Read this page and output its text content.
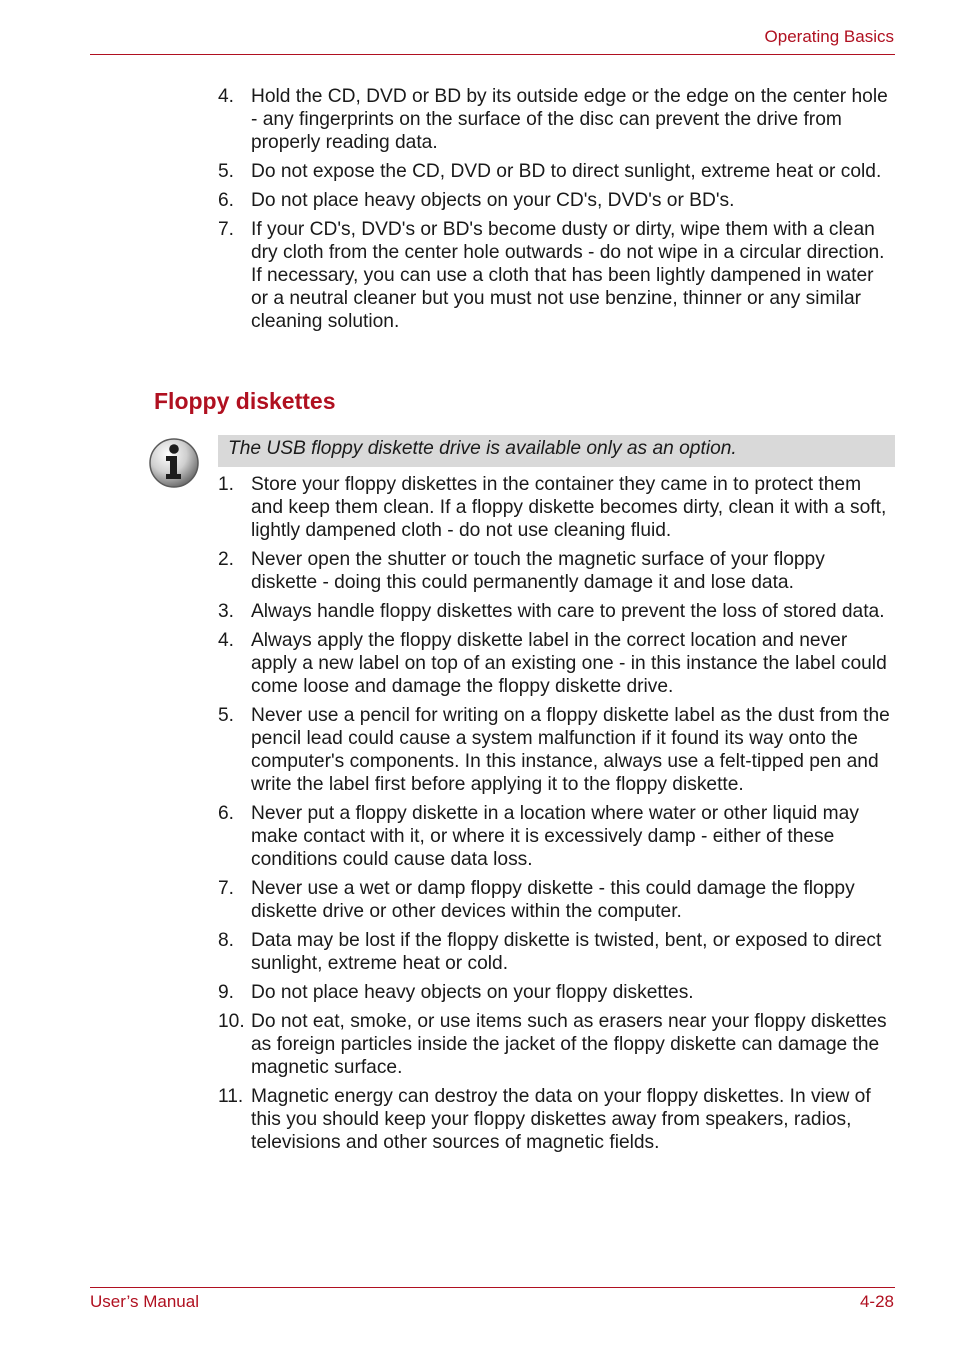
Operating Basics
4. Hold the CD, DVD or BD by its outside edge or the edge on the center hole - any fingerprints on the surface of the disc can prevent the drive from properly reading data.
5. Do not expose the CD, DVD or BD to direct sunlight, extreme heat or cold.
6. Do not place heavy objects on your CD's, DVD's or BD's.
7. If your CD's, DVD's or BD's become dusty or dirty, wipe them with a clean dry cloth from the center hole outwards - do not wipe in a circular direction. If necessary, you can use a cloth that has been lightly dampened in water or a neutral cleaner but you must not use benzine, thinner or any similar cleaning solution.
Floppy diskettes
The USB floppy diskette drive is available only as an option.
1. Store your floppy diskettes in the container they came in to protect them and keep them clean. If a floppy diskette becomes dirty, clean it with a soft, lightly dampened cloth - do not use cleaning fluid.
2. Never open the shutter or touch the magnetic surface of your floppy diskette - doing this could permanently damage it and lose data.
3. Always handle floppy diskettes with care to prevent the loss of stored data.
4. Always apply the floppy diskette label in the correct location and never apply a new label on top of an existing one - in this instance the label could come loose and damage the floppy diskette drive.
5. Never use a pencil for writing on a floppy diskette label as the dust from the pencil lead could cause a system malfunction if it found its way onto the computer's components. In this instance, always use a felt-tipped pen and write the label first before applying it to the floppy diskette.
6. Never put a floppy diskette in a location where water or other liquid may make contact with it, or where it is excessively damp - either of these conditions could cause data loss.
7. Never use a wet or damp floppy diskette - this could damage the floppy diskette drive or other devices within the computer.
8. Data may be lost if the floppy diskette is twisted, bent, or exposed to direct sunlight, extreme heat or cold.
9. Do not place heavy objects on your floppy diskettes.
10. Do not eat, smoke, or use items such as erasers near your floppy diskettes as foreign particles inside the jacket of the floppy diskette can damage the magnetic surface.
11. Magnetic energy can destroy the data on your floppy diskettes. In view of this you should keep your floppy diskettes away from speakers, radios, televisions and other sources of magnetic fields.
User’s Manual	4-28
